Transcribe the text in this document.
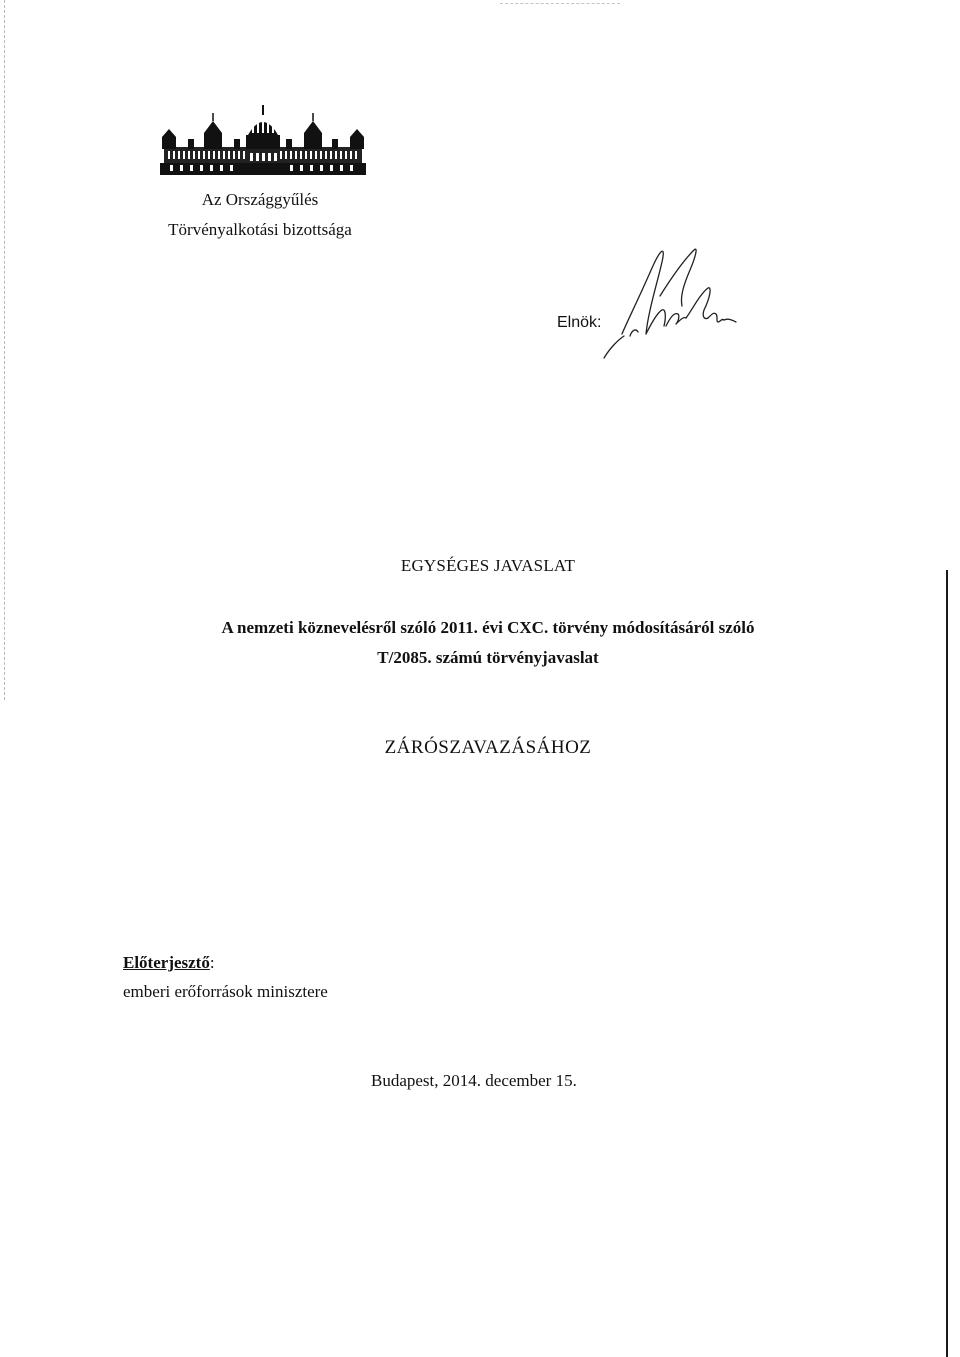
Az Országgyűlés
Törvényalkotási bizottsága
Elnök:
EGYSÉGES JAVASLAT
A nemzeti köznevelésről szóló 2011. évi CXC. törvény módosításáról szóló
T/2085. számú törvényjavaslat
ZÁRÓSZAVAZÁSÁHOZ
Előterjesztő:
emberi erőforrások minisztere
Budapest, 2014. december 15.
